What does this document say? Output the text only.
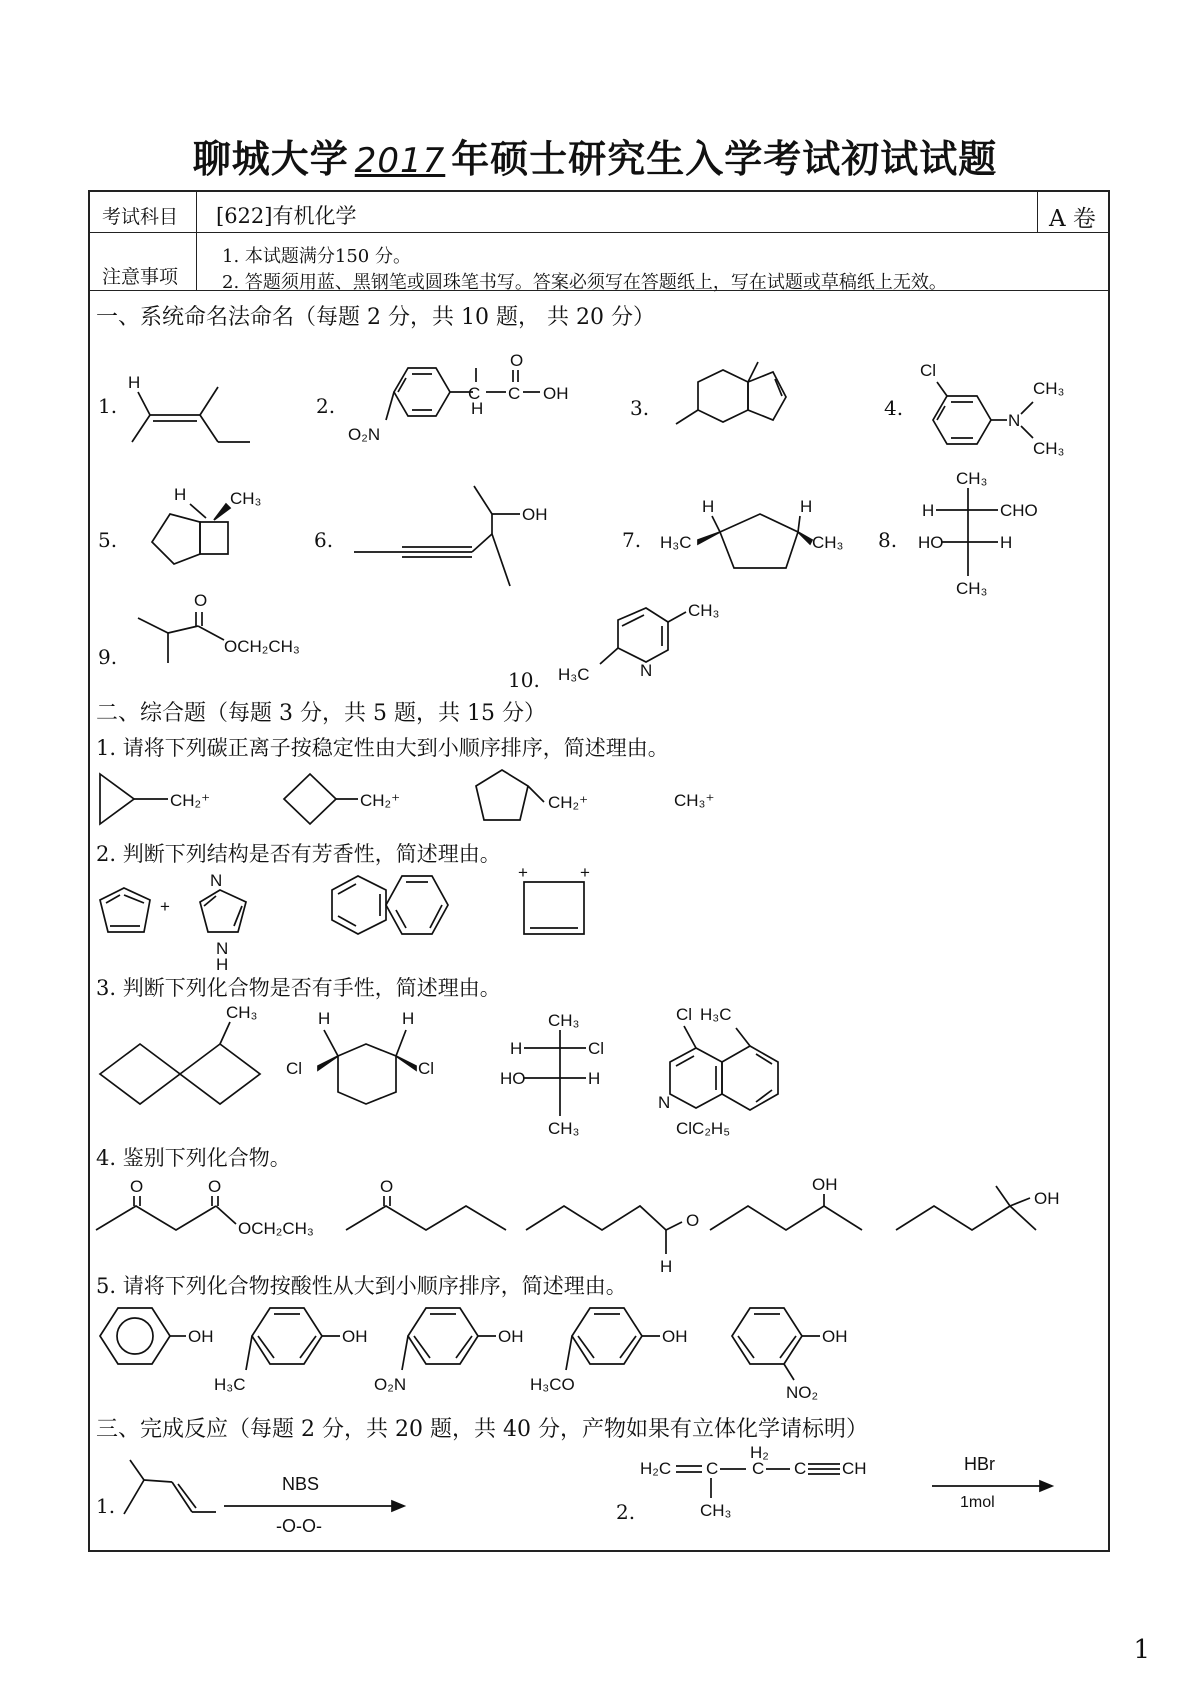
聊城大学 2017 年硕士研究生入学考试初试试题
考试科目 [622]有机化学	A 卷
注意事项
1. 本试题满分150 分。
2. 答题须用蓝、黑钢笔或圆珠笔书写。答案必须写在答题纸上，写在试题或草稿纸上无效。
一、系统命名法命名（每题 2 分，共 10 题， 共 20 分）
1.
H
2.
C
H
C
O
OH
O₂N
3.	4.
Cl
N
CH₃
CH₃
5.
H	CH₃
6.
OH
7.
H	H
H₃C	CH₃ 8.
CH₃
H	CHO
HO	H
CH₃
9.
O
OCH₂CH₃
10.
CH₃
N
H₃C
二、综合题（每题 3 分，共 5 题，共 15 分）
1. 请将下列碳正离子按稳定性由大到小顺序排序，简述理由。
CH₂⁺	CH₂⁺	CH₂⁺	CH₃⁺
2. 判断下列结构是否有芳香性，简述理由。
+
N
N
H
+	+
3. 判断下列化合物是否有手性，简述理由。
CH₃	H	H
Cl	Cl
CH₃
H	Cl
HO	H
CH₃
Cl H₃C
N
ClC₂H₅
4. 鉴别下列化合物。
O	O
OCH₂CH₃
O
O
H
OH
OH
5. 请将下列化合物按酸性从大到小顺序排序，简述理由。
OH	OH
H₃C
OH
O₂N
OH
H₃CO
OH
NO₂
三、完成反应（每题 2 分，共 20 题，共 40 分，产物如果有立体化学请标明）
1.
NBS
-O-O-
2.
H₂C C
H₂
C C CH
CH₃
HBr
1mol
1
